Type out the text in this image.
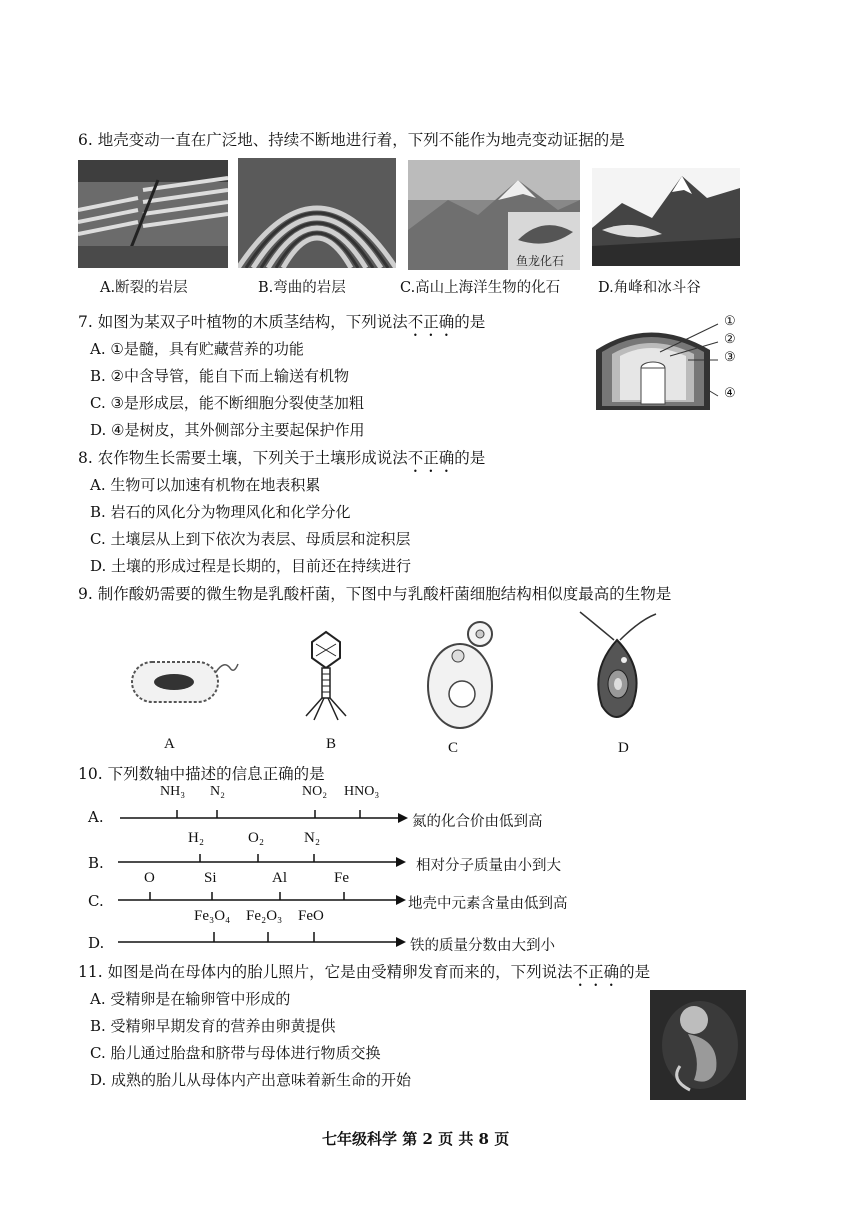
6. 地壳变动一直在广泛地、持续不断地进行着，下列不能作为地壳变动证据的是
鱼龙化石
A.断裂的岩层	B.弯曲的岩层	C.高山上海洋生物的化石	D.角峰和冰斗谷
7. 如图为某双子叶植物的木质茎结构，下列说法不正确的是
A. ①是髓，具有贮藏营养的功能
B. ②中含导管，能自下而上输送有机物
C. ③是形成层，能不断细胞分裂使茎加粗
D. ④是树皮，其外侧部分主要起保护作用
①
②
③
④
8. 农作物生长需要土壤，下列关于土壤形成说法不正确的是
A. 生物可以加速有机物在地表积累
B. 岩石的风化分为物理风化和化学分化
C. 土壤层从上到下依次为表层、母质层和淀积层
D. 土壤的形成过程是长期的，目前还在持续进行
9. 制作酸奶需要的微生物是乳酸杆菌，下图中与乳酸杆菌细胞结构相似度最高的生物是
A	B	C	D
10. 下列数轴中描述的信息正确的是
A.
NH₃ N₂	NO₂ HNO₃
氮的化合价由低到高
B.
H₂	O₂	N₂
相对分子质量由小到大
C.
O	Si	Al	Fe
地壳中元素含量由低到高
D.
Fe₃O₄ Fe₂O₃ FeO
铁的质量分数由大到小
11. 如图是尚在母体内的胎儿照片，它是由受精卵发育而来的，下列说法不正确的是
A. 受精卵是在输卵管中形成的
B. 受精卵早期发育的营养由卵黄提供
C. 胎儿通过胎盘和脐带与母体进行物质交换
D. 成熟的胎儿从母体内产出意味着新生命的开始
七年级科学 第 2 页 共 8 页
